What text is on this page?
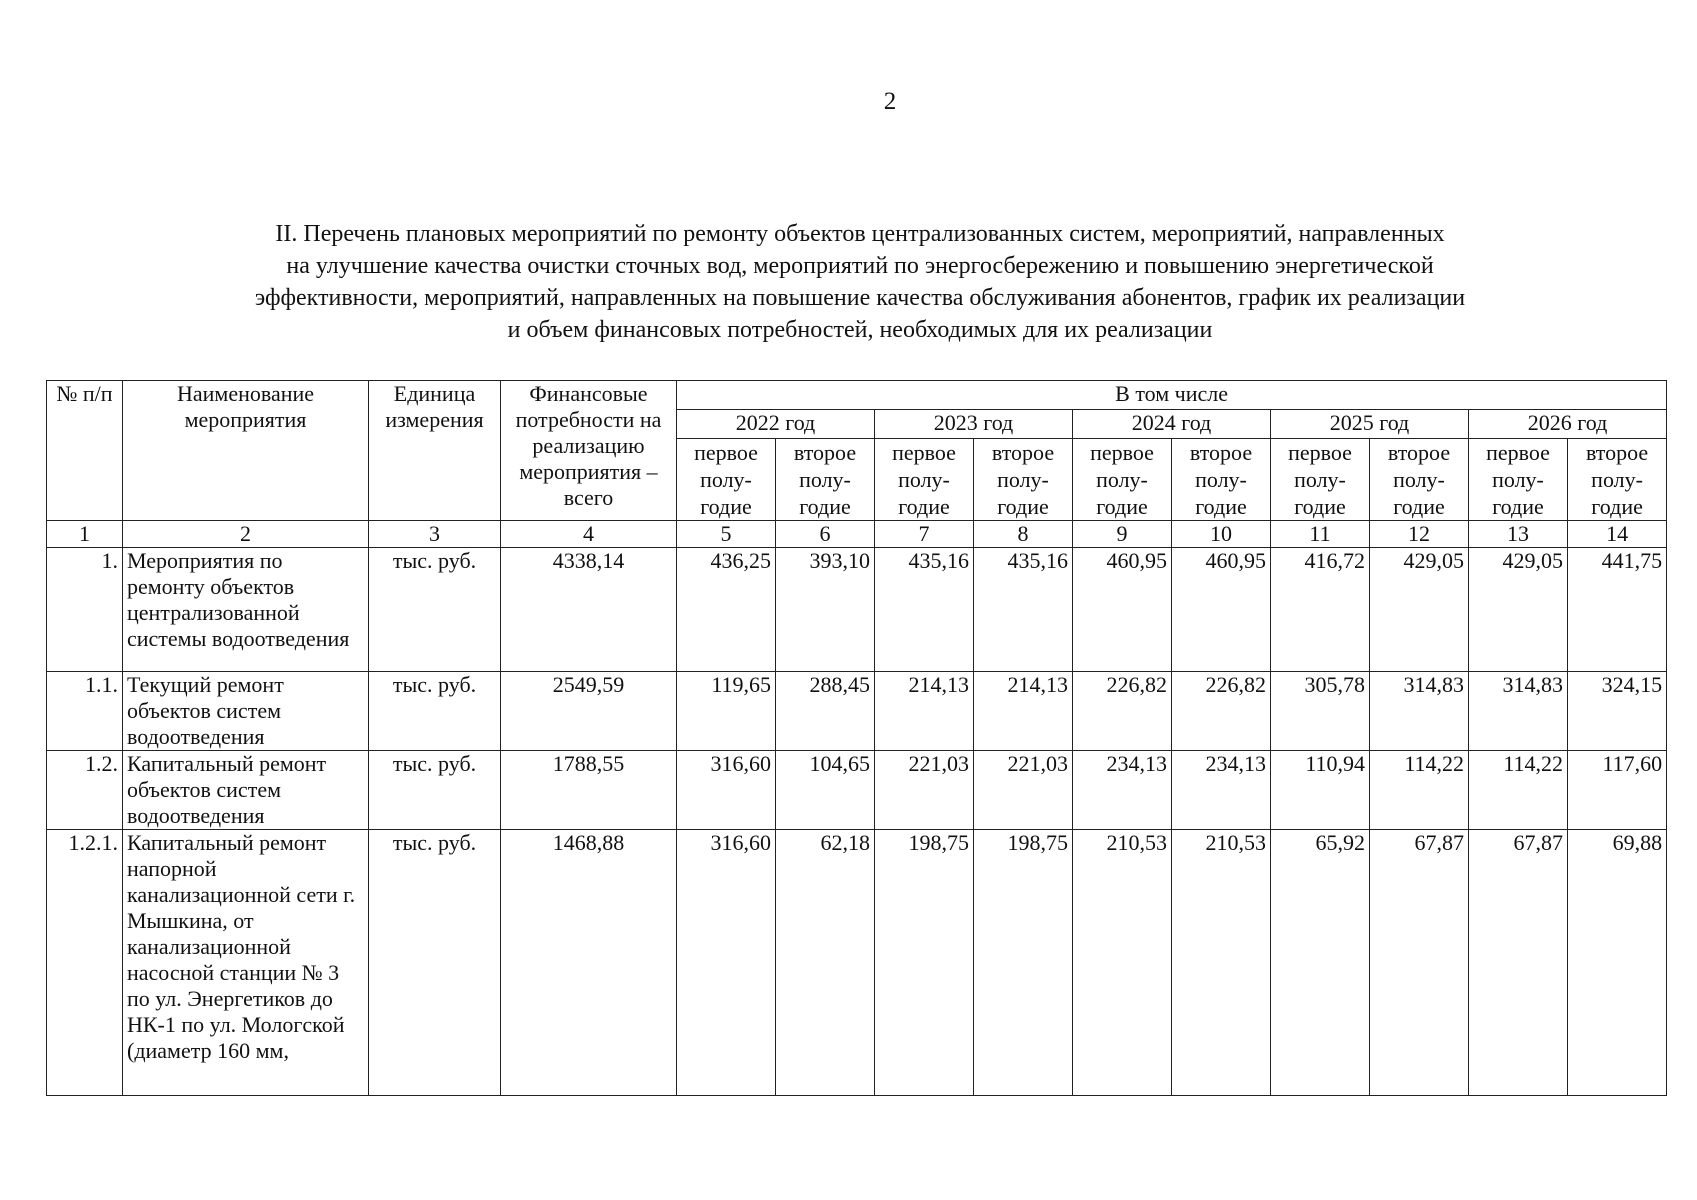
2
II. Перечень плановых мероприятий по ремонту объектов централизованных систем, мероприятий, направленных
на улучшение качества очистки сточных вод, мероприятий по энергосбережению и повышению энергетической
эффективности, мероприятий, направленных на повышение качества обслуживания абонентов, график их реализации
и объем финансовых потребностей, необходимых для их реализации
№ п/п	Наименование мероприятия	Единица измерения	Финансовые потребности на реализацию мероприятия – всего	В том числе									
				2022 год		2023 год		2024 год		2025 год		2026 год	
				первое полу-годие	второе полу-годие	первое полу-годие	второе полу-годие	первое полу-годие	второе полу-годие	первое полу-годие	второе полу-годие	первое полу-годие	второе полу-годие
1	2	3	4	5	6	7	8	9	10	11	12	13	14
1.	Мероприятия по ремонту объектов централизованной системы водоотведения	тыс. руб.	4338,14	436,25	393,10	435,16	435,16	460,95	460,95	416,72	429,05	429,05	441,75
1.1.	Текущий ремонт объектов систем водоотведения	тыс. руб.	2549,59	119,65	288,45	214,13	214,13	226,82	226,82	305,78	314,83	314,83	324,15
1.2.	Капитальный ремонт объектов систем водоотведения	тыс. руб.	1788,55	316,60	104,65	221,03	221,03	234,13	234,13	110,94	114,22	114,22	117,60
1.2.1.	Капитальный ремонт напорной канализационной сети г. Мышкина, от канализационной насосной станции № 3 по ул. Энергетиков до НК-1 по ул. Мологской (диаметр 160 мм,	тыс. руб.	1468,88	316,60	62,18	198,75	198,75	210,53	210,53	65,92	67,87	67,87	69,88
